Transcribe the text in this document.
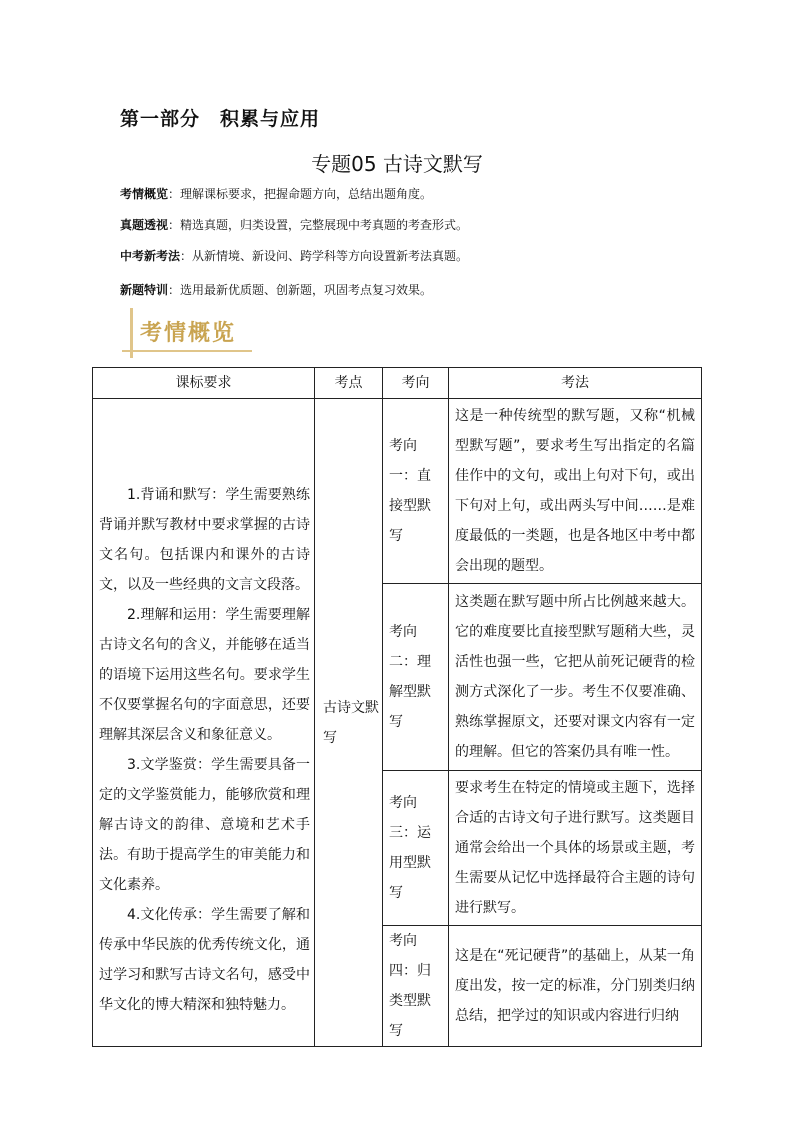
第一部分　积累与应用
专题05 古诗文默写
考情概览：理解课标要求，把握命题方向，总结出题角度。
真题透视：精选真题，归类设置，完整展现中考真题的考查形式。
中考新考法：从新情境、新设问、跨学科等方向设置新考法真题。
新题特训：选用最新优质题、创新题，巩固考点复习效果。
考情概览
课标要求	考点	考向	考法

1.背诵和默写：学生需要熟练背诵并默写教材中要求掌握的古诗文名句。包括课内和课外的古诗文，以及一些经典的文言文段落。

2.理解和运用：学生需要理解古诗文名句的含义，并能够在适当的语境下运用这些名句。要求学生不仅要掌握名句的字面意思，还要理解其深层含义和象征意义。

3.文学鉴赏：学生需要具备一定的文学鉴赏能力，能够欣赏和理解古诗文的韵律、意境和艺术手法。有助于提高学生的审美能力和文化素养。

4.文化传承：学生需要了解和传承中华民族的优秀传统文化，通过学习和默写古诗文名句，感受中华文化的博大精深和独特魅力。	古诗文默写	考向一：直接型默写	这是一种传统型的默写题，又称“机械型默写题”，要求考生写出指定的名篇佳作中的文句，或出上句对下句，或出下句对上句，或出两头写中间……是难度最低的一类题，也是各地区中考中都会出现的题型。
		考向二：理解型默写	这类题在默写题中所占比例越来越大。它的难度要比直接型默写题稍大些，灵活性也强一些，它把从前死记硬背的检测方式深化了一步。考生不仅要准确、熟练掌握原文，还要对课文内容有一定的理解。但它的答案仍具有唯一性。
		考向三：运用型默写	要求考生在特定的情境或主题下，选择合适的古诗文句子进行默写。这类题目通常会给出一个具体的场景或主题，考生需要从记忆中选择最符合主题的诗句进行默写。
		考向四：归类型默写	这是在“死记硬背”的基础上，从某一角度出发，按一定的标准，分门别类归纳总结，把学过的知识或内容进行归纳
